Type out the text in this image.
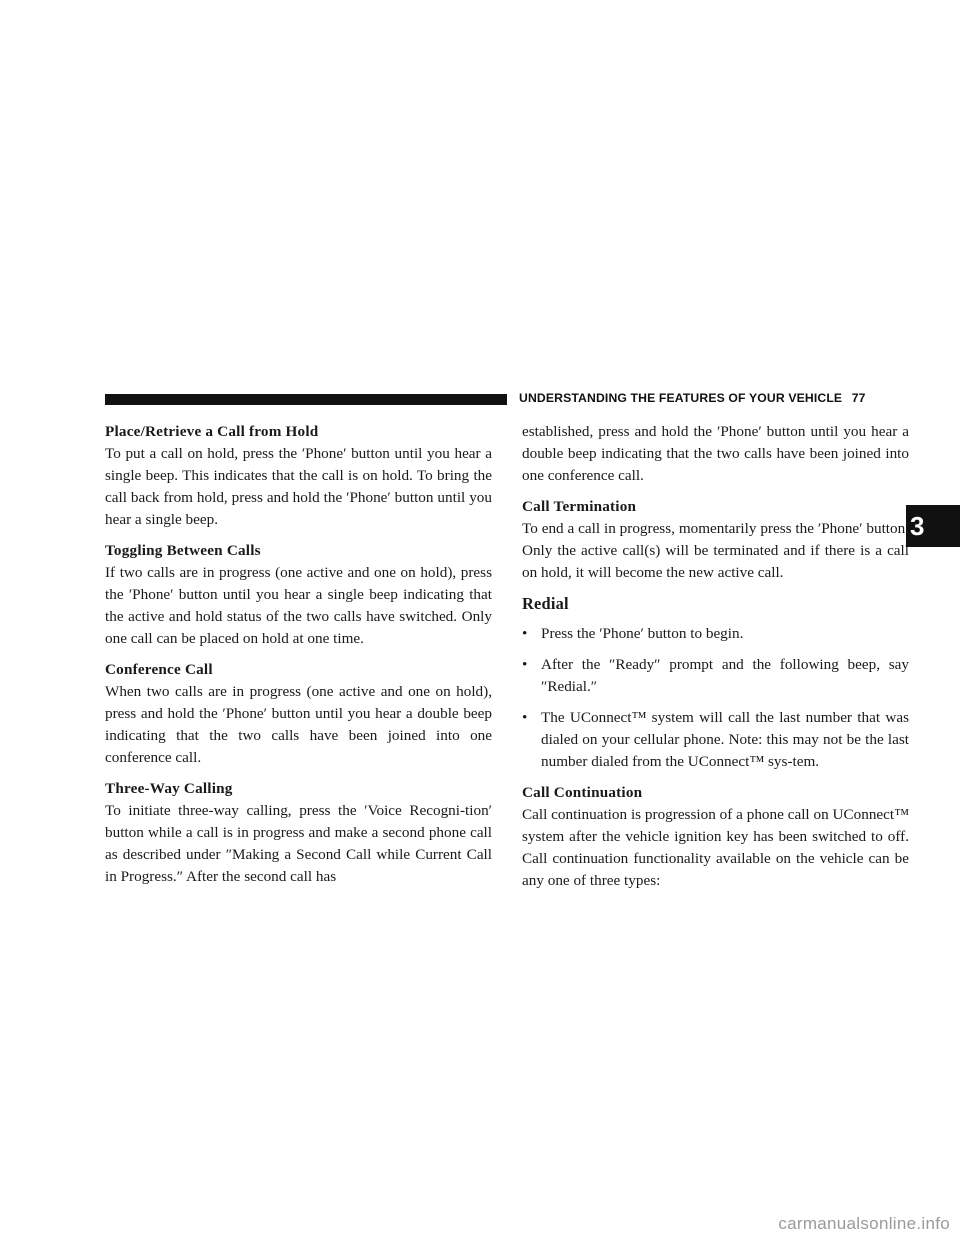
UNDERSTANDING THE FEATURES OF YOUR VEHICLE 77
3
Place/Retrieve a Call from Hold

To put a call on hold, press the ′Phone′ button until you hear a single beep. This indicates that the call is on hold. To bring the call back from hold, press and hold the ′Phone′ button until you hear a single beep.

Toggling Between Calls

If two calls are in progress (one active and one on hold), press the ′Phone′ button until you hear a single beep indicating that the active and hold status of the two calls have switched. Only one call can be placed on hold at one time.

Conference Call

When two calls are in progress (one active and one on hold), press and hold the ′Phone′ button until you hear a double beep indicating that the two calls have been joined into one conference call.

Three-Way Calling

To initiate three-way calling, press the ′Voice Recogni-tion′ button while a call is in progress and make a second phone call as described under ″Making a Second Call while Current Call in Progress.″ After the second call has

established, press and hold the ′Phone′ button until you hear a double beep indicating that the two calls have been joined into one conference call.

Call Termination

To end a call in progress, momentarily press the ′Phone′ button. Only the active call(s) will be terminated and if there is a call on hold, it will become the new active call.

Redial
• Press the ′Phone′ button to begin.
• After the ″Ready″ prompt and the following beep, say ″Redial.″
• The UConnect™ system will call the last number that was dialed on your cellular phone. Note: this may not be the last number dialed from the UConnect™ sys-tem.
Call Continuation

Call continuation is progression of a phone call on UConnect™ system after the vehicle ignition key has been switched to off. Call continuation functionality available on the vehicle can be any one of three types:

carmanualsonline.info
